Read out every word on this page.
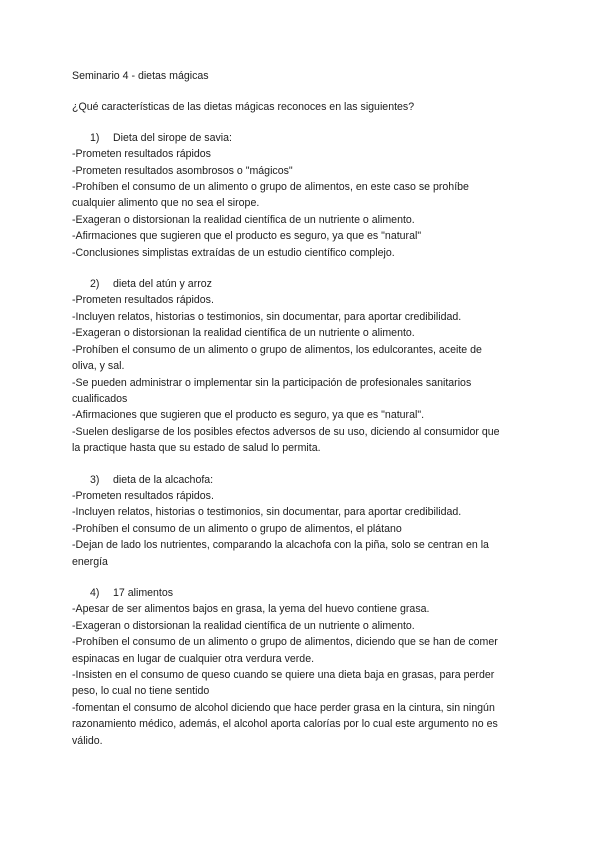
Seminario 4 - dietas mágicas
¿Qué características de las dietas mágicas reconoces en las siguientes?
1)	Dieta del sirope de savia:
-Prometen resultados rápidos
-Prometen resultados asombrosos o "mágicos"
-Prohíben el consumo de un alimento o grupo de alimentos, en este caso se prohíbe
cualquier alimento que no sea el sirope.
-Exageran o distorsionan la realidad científica de un nutriente o alimento.
-Afirmaciones que sugieren que el producto es seguro, ya que es "natural"
-Conclusiones simplistas extraídas de un estudio científico complejo.
2)	dieta del atún y arroz
-Prometen resultados rápidos.
-Incluyen relatos, historias o testimonios, sin documentar, para aportar credibilidad.
-Exageran o distorsionan la realidad científica de un nutriente o alimento.
-Prohíben el consumo de un alimento o grupo de alimentos, los edulcorantes, aceite de
oliva, y sal.
-Se pueden administrar o implementar sin la participación de profesionales sanitarios
cualificados
-Afirmaciones que sugieren que el producto es seguro, ya que es "natural".
-Suelen desligarse de los posibles efectos adversos de su uso, diciendo al consumidor que
la practique hasta que su estado de salud lo permita.
3)	dieta de la alcachofa:
-Prometen resultados rápidos.
-Incluyen relatos, historias o testimonios, sin documentar, para aportar credibilidad.
-Prohíben el consumo de un alimento o grupo de alimentos, el plátano
-Dejan de lado los nutrientes, comparando la alcachofa con la piña, solo se centran en la
energía
4)	17 alimentos
-Apesar de ser alimentos bajos en grasa, la yema del huevo contiene grasa.
-Exageran o distorsionan la realidad científica de un nutriente o alimento.
-Prohíben el consumo de un alimento o grupo de alimentos, diciendo que se han de comer
espinacas en lugar de cualquier otra verdura verde.
-Insisten en el consumo de queso cuando se quiere una dieta baja en grasas, para perder
peso, lo cual no tiene sentido
-fomentan el consumo de alcohol diciendo que hace perder grasa en la cintura, sin ningún
razonamiento médico, además, el alcohol aporta calorías por lo cual este argumento no es
válido.
